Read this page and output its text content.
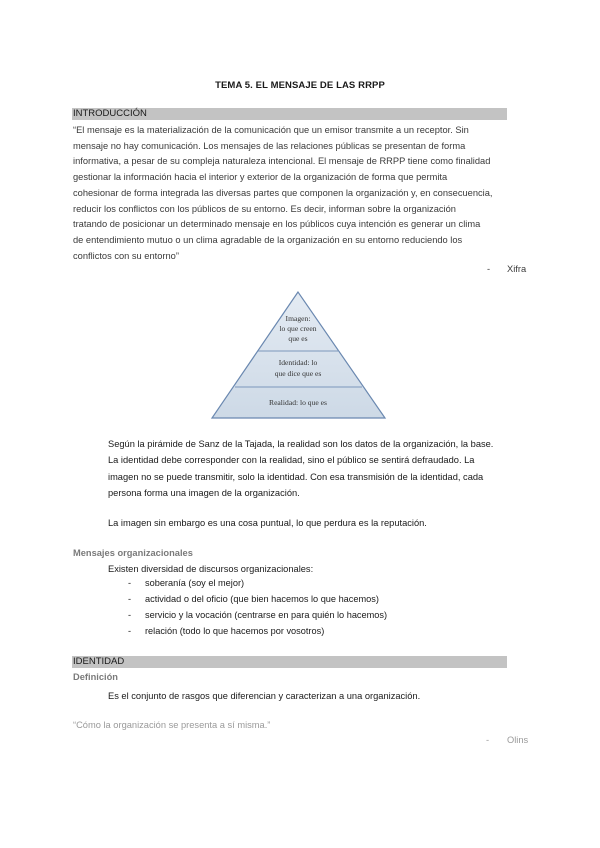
TEMA 5. EL MENSAJE DE LAS RRPP
INTRODUCCIÓN
“El mensaje es la materialización de la comunicación que un emisor transmite a un receptor. Sin
mensaje no hay comunicación. Los mensajes de las relaciones públicas se presentan de forma
informativa, a pesar de su compleja naturaleza intencional. El mensaje de RRPP tiene como finalidad
gestionar la información hacia el interior y exterior de la organización de forma que permita
cohesionar de forma integrada las diversas partes que componen la organización y, en consecuencia,
reducir los conflictos con los públicos de su entorno. Es decir, informan sobre la organización
tratando de posicionar un determinado mensaje en los públicos cuya intención es generar un clima
de entendimiento mutuo o un clima agradable de la organización en su entorno reduciendo los
conflictos con su entorno”
- Xifra
Imagen:
lo que creen
que es
Identidad: lo
que dice que es
Realidad: lo que es
Según la pirámide de Sanz de la Tajada, la realidad son los datos de la organización, la base.
La identidad debe corresponder con la realidad, sino el público se sentirá defraudado. La
imagen no se puede transmitir, solo la identidad. Con esa transmisión de la identidad, cada
persona forma una imagen de la organización.
La imagen sin embargo es una cosa puntual, lo que perdura es la reputación.
Mensajes organizacionales
Existen diversidad de discursos organizacionales:
- soberanía (soy el mejor)
- actividad o del oficio (que bien hacemos lo que hacemos)
- servicio y la vocación (centrarse en para quién lo hacemos)
- relación (todo lo que hacemos por vosotros)
IDENTIDAD
Definición
Es el conjunto de rasgos que diferencian y caracterizan a una organización.
“Cómo la organización se presenta a sí misma.”
- Olins
